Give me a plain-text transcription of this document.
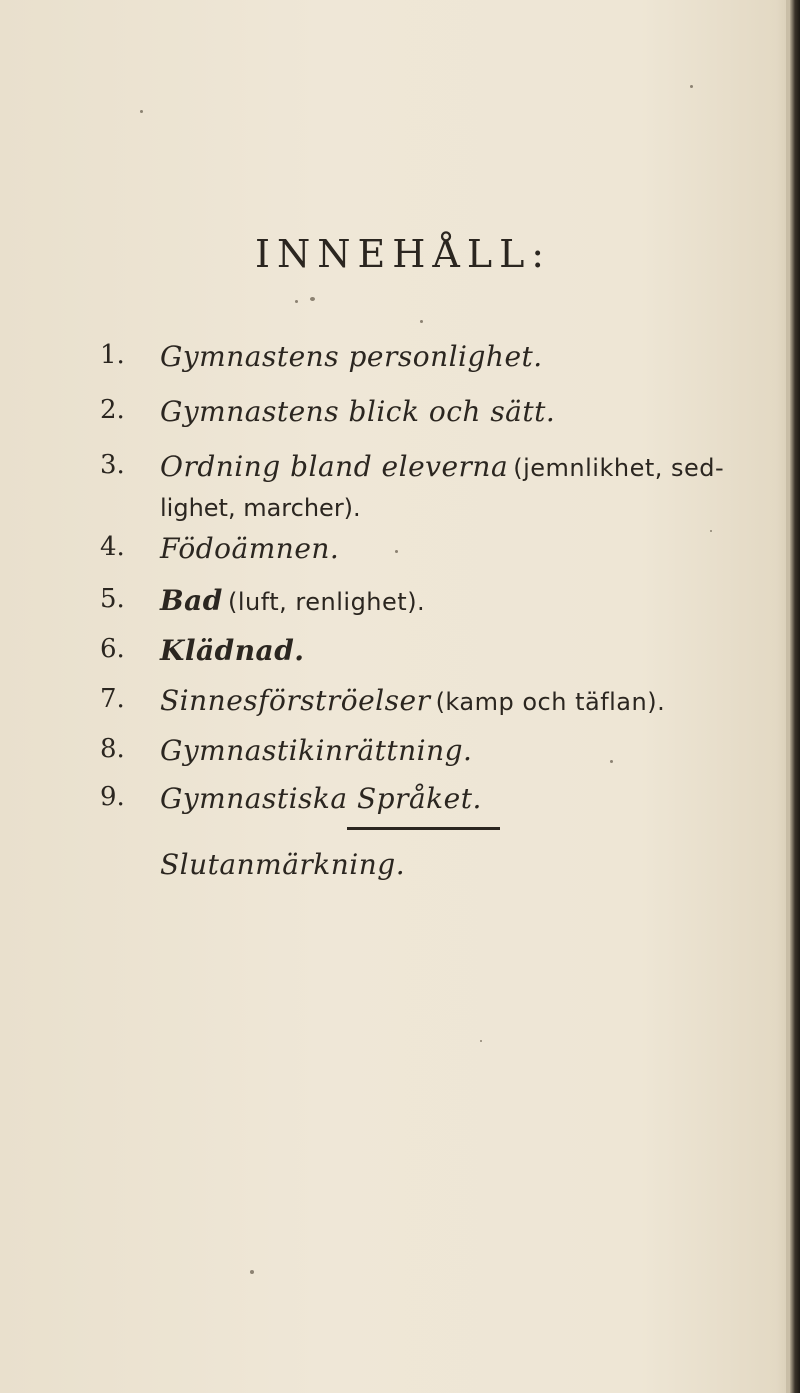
INNEHÅLL:
1.	Gymnastens personlighet.
2.	Gymnastens blick och sätt.
3.	Ordning bland eleverna (jemnlikhet, sed-
lighet, marcher).
4.	Födoämnen.
5.	Bad (luft, renlighet).
6.	Klädnad.
7.	Sinnesförströelser (kamp och täflan).
8.	Gymnastikinrättning.
9.	Gymnastiska Språket.
Slutanmärkning.
